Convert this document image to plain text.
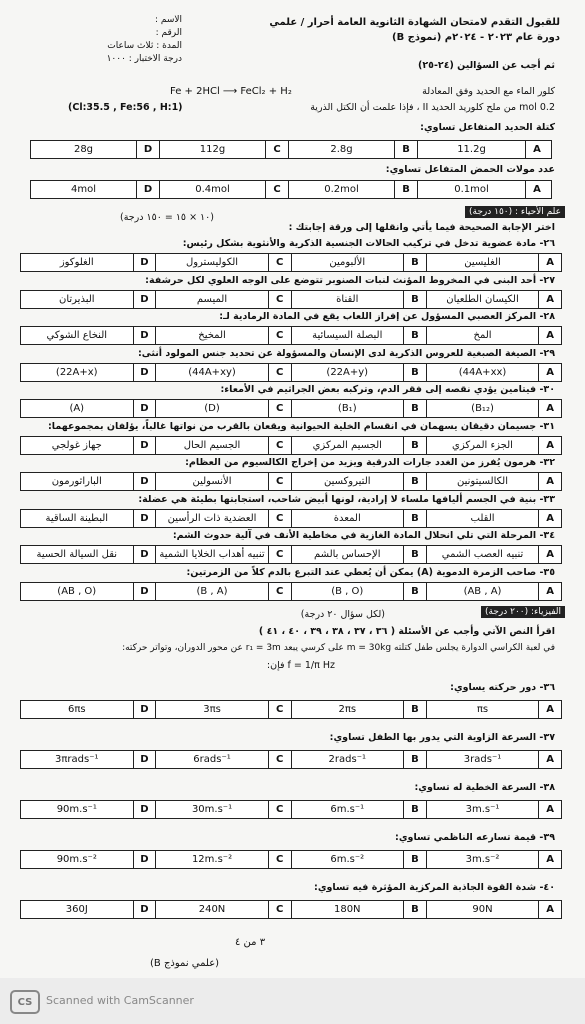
الاسم :
الرقم :
المدة : ثلاث ساعات
درجة الاختبار : ١٠٠٠
للقبول التقدم لامتحان الشهادة الثانوية العامة أحرار / علمي
دورة عام ٢٠٢٣ - ٢٠٢٤م (نموذج B)
ثم أجب عن السؤالين (٢٤-٢٥)
Fe + 2HCl ⟶ FeCl₂ + H₂	كلور الماء مع الحديد وفق المعادلة
0.2 mol من ملح كلوريد الحديد II ، فإذا علمت أن الكتل الذرية
(Cl:35.5 , Fe:56 , H:1)
كتلة الحديد المتفاعل تساوي:
28g	D	112g	C	2.8g	B	11.2g	A
عدد مولات الحمض المتفاعل تساوي:
4mol	D	0.4mol	C	0.2mol	B	0.1mol	A
علم الأحياء : (١٥٠ درجة)
اختر الإجابة الصحيحة فيما يأتي وانقلها إلى ورقة إجابتك :
(١٠ × ١٥ = ١٥٠ درجة)
٢٦- مادة عضوية تدخل في تركيب الحالات الجنسية الذكرية والأنثوية بشكل رئيس:
الغلوكوز	D	الكوليسترول	C	الألبومين	B	الغليسين	A
٢٧- أحد البنى في المخروط المؤنث لنبات الصنوبر تتوضع على الوجه العلوي لكل حرشفة:
البذيرتان	D	الميسم	C	القناة	B	الكيسان الطلعيان	A
٢٨- المركز العصبي المسؤول عن إفراز اللعاب يقع في المادة الرمادية لـ:
النخاع الشوكي	D	المخيخ	C	البصلة السيسائية	B	المخ	A
٢٩- الصيغة الصبغية للعروس الذكرية لدى الإنسان والمسؤولة عن تحديد جنس المولود أنثى:
(22A+x)	D	(44A+xy)	C	(22A+y)	B	(44A+xx)	A
٣٠- فيتامين يؤدي نقصه إلى فقر الدم، وتركبه بعض الجراثيم في الأمعاء:
(A)	D	(D)	C	(B₁)	B	(B₁₂)	A
٣١- جسيمان دقيقان يسهمان في انقسام الخلية الحيوانية ويقعان بالقرب من نواتها غالباً، يؤلفان بمجموعهما:
جهاز غولجي	D	الجسيم الحال	C	الجسيم المركزي	B	الجزء المركزي	A
٣٢- هرمون يُفرز من الغدد جارات الدرقية ويزيد من إخراج الكالسيوم من العظام:
الباراثورمون	D	الأنسولين	C	التيروكسين	B	الكالسيتونين	A
٣٣- بنية في الجسم أليافها ملساء لا إرادية، لونها أبيض شاحب، استجابتها بطيئة هي عضلة:
البطينة الساقية	D	العضدية ذات الرأسين	C	المعدة	B	القلب	A
٣٤- المرحلة التي تلي انحلال المادة الغازية في مخاطية الأنف في آلية حدوث الشم:
نقل السيالة الحسية	D	تنبيه أهداب الخلايا الشمية	C	الإحساس بالشم	B	تنبيه العصب الشمي	A
٣٥- صاحب الزمرة الدموية (A) يمكن أن يُعطي عند التبرع بالدم كلاً من الزمرتين:
(AB , O)	D	(B , A)	C	(B , O)	B	(AB , A)	A
الفيزياء: (٢٠٠ درجة)
(لكل سؤال ٢٠ درجة)
اقرأ النص الآتي وأجب عن الأسئلة ( ٣٦ ، ٣٧ ، ٣٨ ، ٣٩ ، ٤٠ ، ٤١ )
في لعبة الكراسي الدوارة يجلس طفل كتلته m = 30kg على كرسي يبعد r₁ = 3m عن محور الدوران، وتواتر حركته:
f = 1/π Hz فإن:
٣٦- دور حركته يساوي:
6πs	D	3πs	C	2πs	B	πs	A
٣٧- السرعة الزاوية التي يدور بها الطفل تساوي:
3πrads⁻¹	D	6rads⁻¹	C	2rads⁻¹	B	3rads⁻¹	A
٣٨- السرعة الخطية له تساوي:
90m.s⁻¹	D	30m.s⁻¹	C	6m.s⁻¹	B	3m.s⁻¹	A
٣٩- قيمة تسارعه الناظمي تساوي:
90m.s⁻²	D	12m.s⁻²	C	6m.s⁻²	B	3m.s⁻²	A
٤٠- شدة القوة الجاذبة المركزية المؤثرة فيه تساوي:
360J	D	240N	C	180N	B	90N	A
٣ من ٤
(علمي نموذج B)
CS	Scanned with CamScanner
